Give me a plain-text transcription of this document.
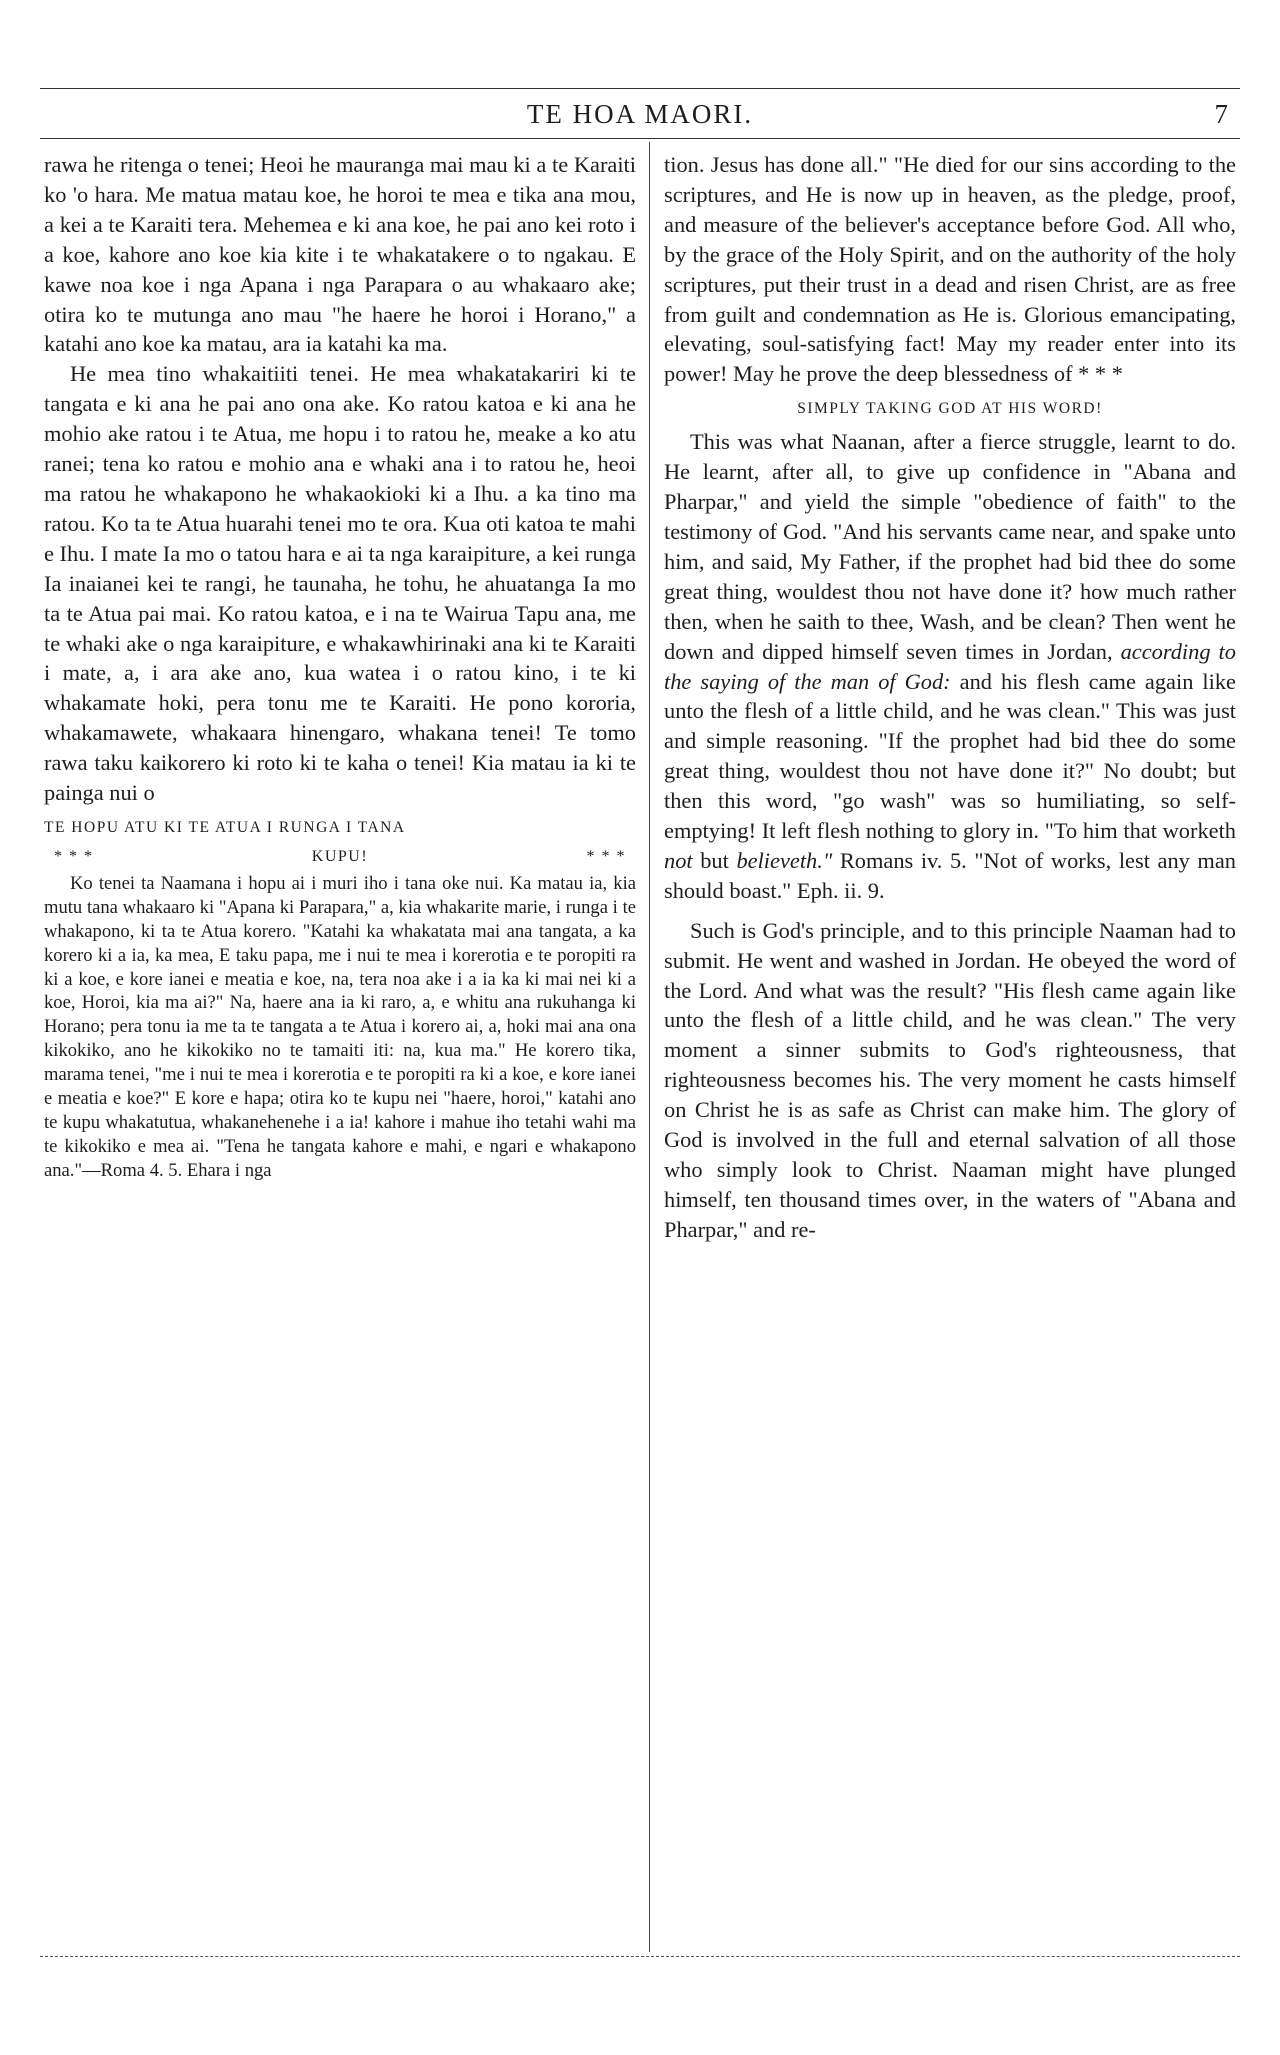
TE HOA MAORI.	7

rawa he ritenga o tenei; Heoi he mauranga mai mau ki a te Karaiti ko 'o hara. Me matua matau koe, he horoi te mea e tika ana mou, a kei a te Karaiti tera. Mehemea e ki ana koe, he pai ano kei roto i a koe, kahore ano koe kia kite i te whakatakere o to ngakau. E kawe noa koe i nga Apana i nga Parapara o au whakaaro ake; otira ko te mutunga ano mau "he haere he horoi i Horano," a katahi ano koe ka matau, ara ia katahi ka ma.

He mea tino whakaitiiti tenei. He mea whakatakariri ki te tangata e ki ana he pai ano ona ake. Ko ratou katoa e ki ana he mohio ake ratou i te Atua, me hopu i to ratou he, meake a ko atu ranei; tena ko ratou e mohio ana e whaki ana i to ratou he, heoi ma ratou he whakapono he whakaokioki ki a Ihu. a ka tino ma ratou. Ko ta te Atua huarahi tenei mo te ora. Kua oti katoa te mahi e Ihu. I mate Ia mo o tatou hara e ai ta nga karaipiture, a kei runga Ia inaianei kei te rangi, he taunaha, he tohu, he ahuatanga Ia mo ta te Atua pai mai. Ko ratou katoa, e i na te Wairua Tapu ana, me te whaki ake o nga karaipiture, e whakawhirinaki ana ki te Karaiti i mate, a, i ara ake ano, kua watea i o ratou kino, i te ki whakamate hoki, pera tonu me te Karaiti. He pono kororia, whakamawete, whakaara hinengaro, whakana tenei! Te tomo rawa taku kaikorero ki roto ki te kaha o tenei! Kia matau ia ki te painga nui o

TE HOPU ATU KI TE ATUA I RUNGA I TANA
* * *	KUPU!	* * *

Ko tenei ta Naamana i hopu ai i muri iho i tana oke nui. Ka matau ia, kia mutu tana whakaaro ki "Apana ki Parapara," a, kia whakarite marie, i runga i te whakapono, ki ta te Atua korero. "Katahi ka whakatata mai ana tangata, a ka korero ki a ia, ka mea, E taku papa, me i nui te mea i korerotia e te poropiti ra ki a koe, e kore ianei e meatia e koe, na, tera noa ake i a ia ka ki mai nei ki a koe, Horoi, kia ma ai?" Na, haere ana ia ki raro, a, e whitu ana rukuhanga ki Horano; pera tonu ia me ta te tangata a te Atua i korero ai, a, hoki mai ana ona kikokiko, ano he kikokiko no te tamaiti iti: na, kua ma." He korero tika, marama tenei, "me i nui te mea i korerotia e te poropiti ra ki a koe, e kore ianei e meatia e koe?" E kore e hapa; otira ko te kupu nei "haere, horoi," katahi ano te kupu whakatutua, whakanehenehe i a ia! kahore i mahue iho tetahi wahi ma te kikokiko e mea ai. "Tena he tangata kahore e mahi, e ngari e whakapono ana."—Roma 4. 5. Ehara i nga

tion. Jesus has done all." "He died for our sins according to the scriptures, and He is now up in heaven, as the pledge, proof, and measure of the believer's acceptance before God. All who, by the grace of the Holy Spirit, and on the authority of the holy scriptures, put their trust in a dead and risen Christ, are as free from guilt and condemnation as He is. Glorious emancipating, elevating, soul-satisfying fact! May my reader enter into its power! May he prove the deep blessedness of * * *

SIMPLY TAKING GOD AT HIS WORD!

This was what Naanan, after a fierce struggle, learnt to do. He learnt, after all, to give up confidence in "Abana and Pharpar," and yield the simple "obedience of faith" to the testimony of God. "And his servants came near, and spake unto him, and said, My Father, if the prophet had bid thee do some great thing, wouldest thou not have done it? how much rather then, when he saith to thee, Wash, and be clean? Then went he down and dipped himself seven times in Jordan, according to the saying of the man of God: and his flesh came again like unto the flesh of a little child, and he was clean." This was just and simple reasoning. "If the prophet had bid thee do some great thing, wouldest thou not have done it?" No doubt; but then this word, "go wash" was so humiliating, so self-emptying! It left flesh nothing to glory in. "To him that worketh not but believeth." Romans iv. 5. "Not of works, lest any man should boast." Eph. ii. 9.

Such is God's principle, and to this principle Naaman had to submit. He went and washed in Jordan. He obeyed the word of the Lord. And what was the result? "His flesh came again like unto the flesh of a little child, and he was clean." The very moment a sinner submits to God's righteousness, that righteousness becomes his. The very moment he casts himself on Christ he is as safe as Christ can make him. The glory of God is involved in the full and eternal salvation of all those who simply look to Christ. Naaman might have plunged himself, ten thousand times over, in the waters of "Abana and Pharpar," and re-
